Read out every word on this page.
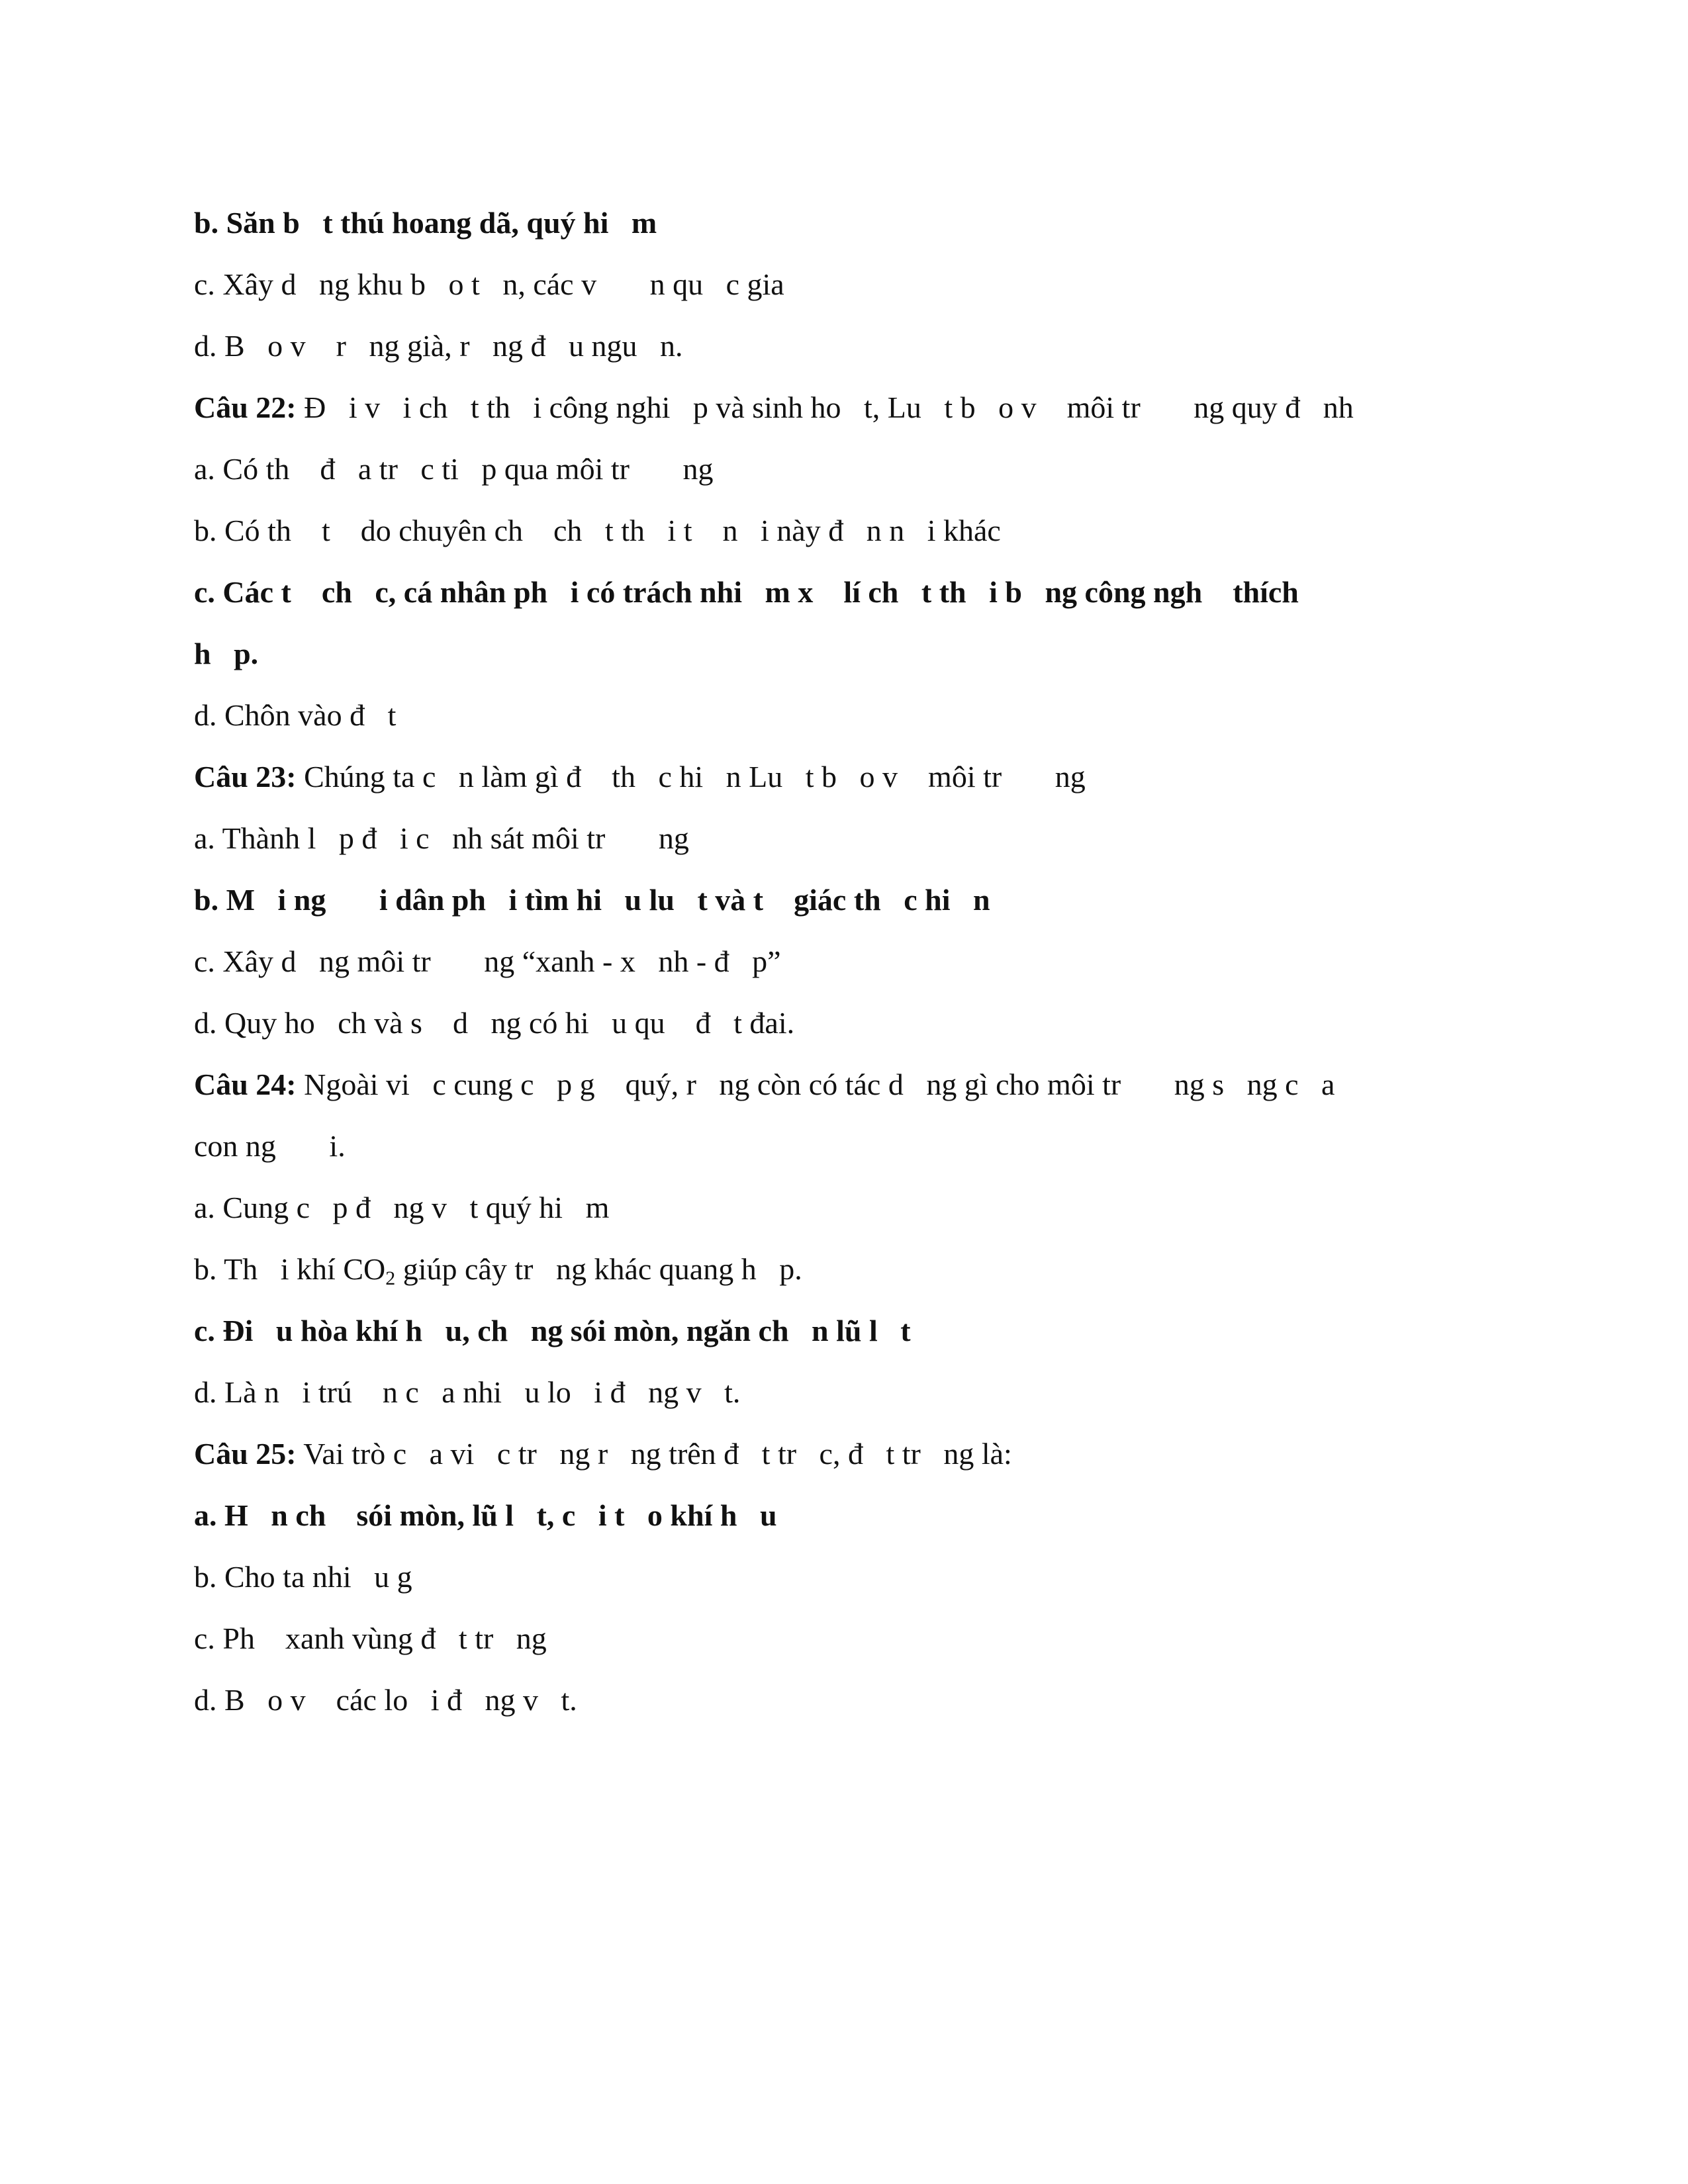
b. Săn b   t thú hoang dã, quý hi   m

c. Xây d   ng khu b   o t   n, các v       n qu   c gia

d. B   o v    r   ng già, r   ng đ   u ngu   n.

Câu 22: Đ   i v   i ch   t th   i công nghi   p và sinh ho   t, Lu   t b   o v    môi tr       ng quy đ   nh

a. Có th    đ   a tr   c ti   p qua môi tr       ng

b. Có th    t    do chuyên ch    ch   t th   i t    n   i này đ   n n   i khác

c. Các t    ch   c, cá nhân ph   i có trách nhi   m x    lí ch   t th   i b   ng công ngh    thích

h   p.

d. Chôn vào đ   t

Câu 23: Chúng ta c   n làm gì đ    th   c hi   n Lu   t b   o v    môi tr       ng

a. Thành l   p đ   i c   nh sát môi tr       ng

b. M   i ng       i dân ph   i tìm hi   u lu   t và t    giác th   c hi   n

c. Xây d   ng môi tr       ng “xanh - x   nh - đ   p”

d. Quy ho   ch và s    d   ng có hi   u qu    đ   t đai.

Câu 24: Ngoài vi   c cung c   p g    quý, r   ng còn có tác d   ng gì cho môi tr       ng s   ng c   a

con ng       i.

a. Cung c   p đ   ng v   t quý hi   m

b. Th   i khí $CO_2$ giúp cây tr   ng khác quang h   p.

c. Đi   u hòa khí h   u, ch   ng sói mòn, ngăn ch   n lũ l   t

d. Là n   i trú    n c   a nhi   u lo   i đ   ng v   t.

Câu 25: Vai trò c   a vi   c tr   ng r   ng trên đ   t tr   c, đ   t tr   ng là:

a. H   n ch    sói mòn, lũ l   t, c   i t   o khí h   u

b. Cho ta nhi   u g

c. Ph    xanh vùng đ   t tr   ng

d. B   o v    các lo   i đ   ng v   t.
